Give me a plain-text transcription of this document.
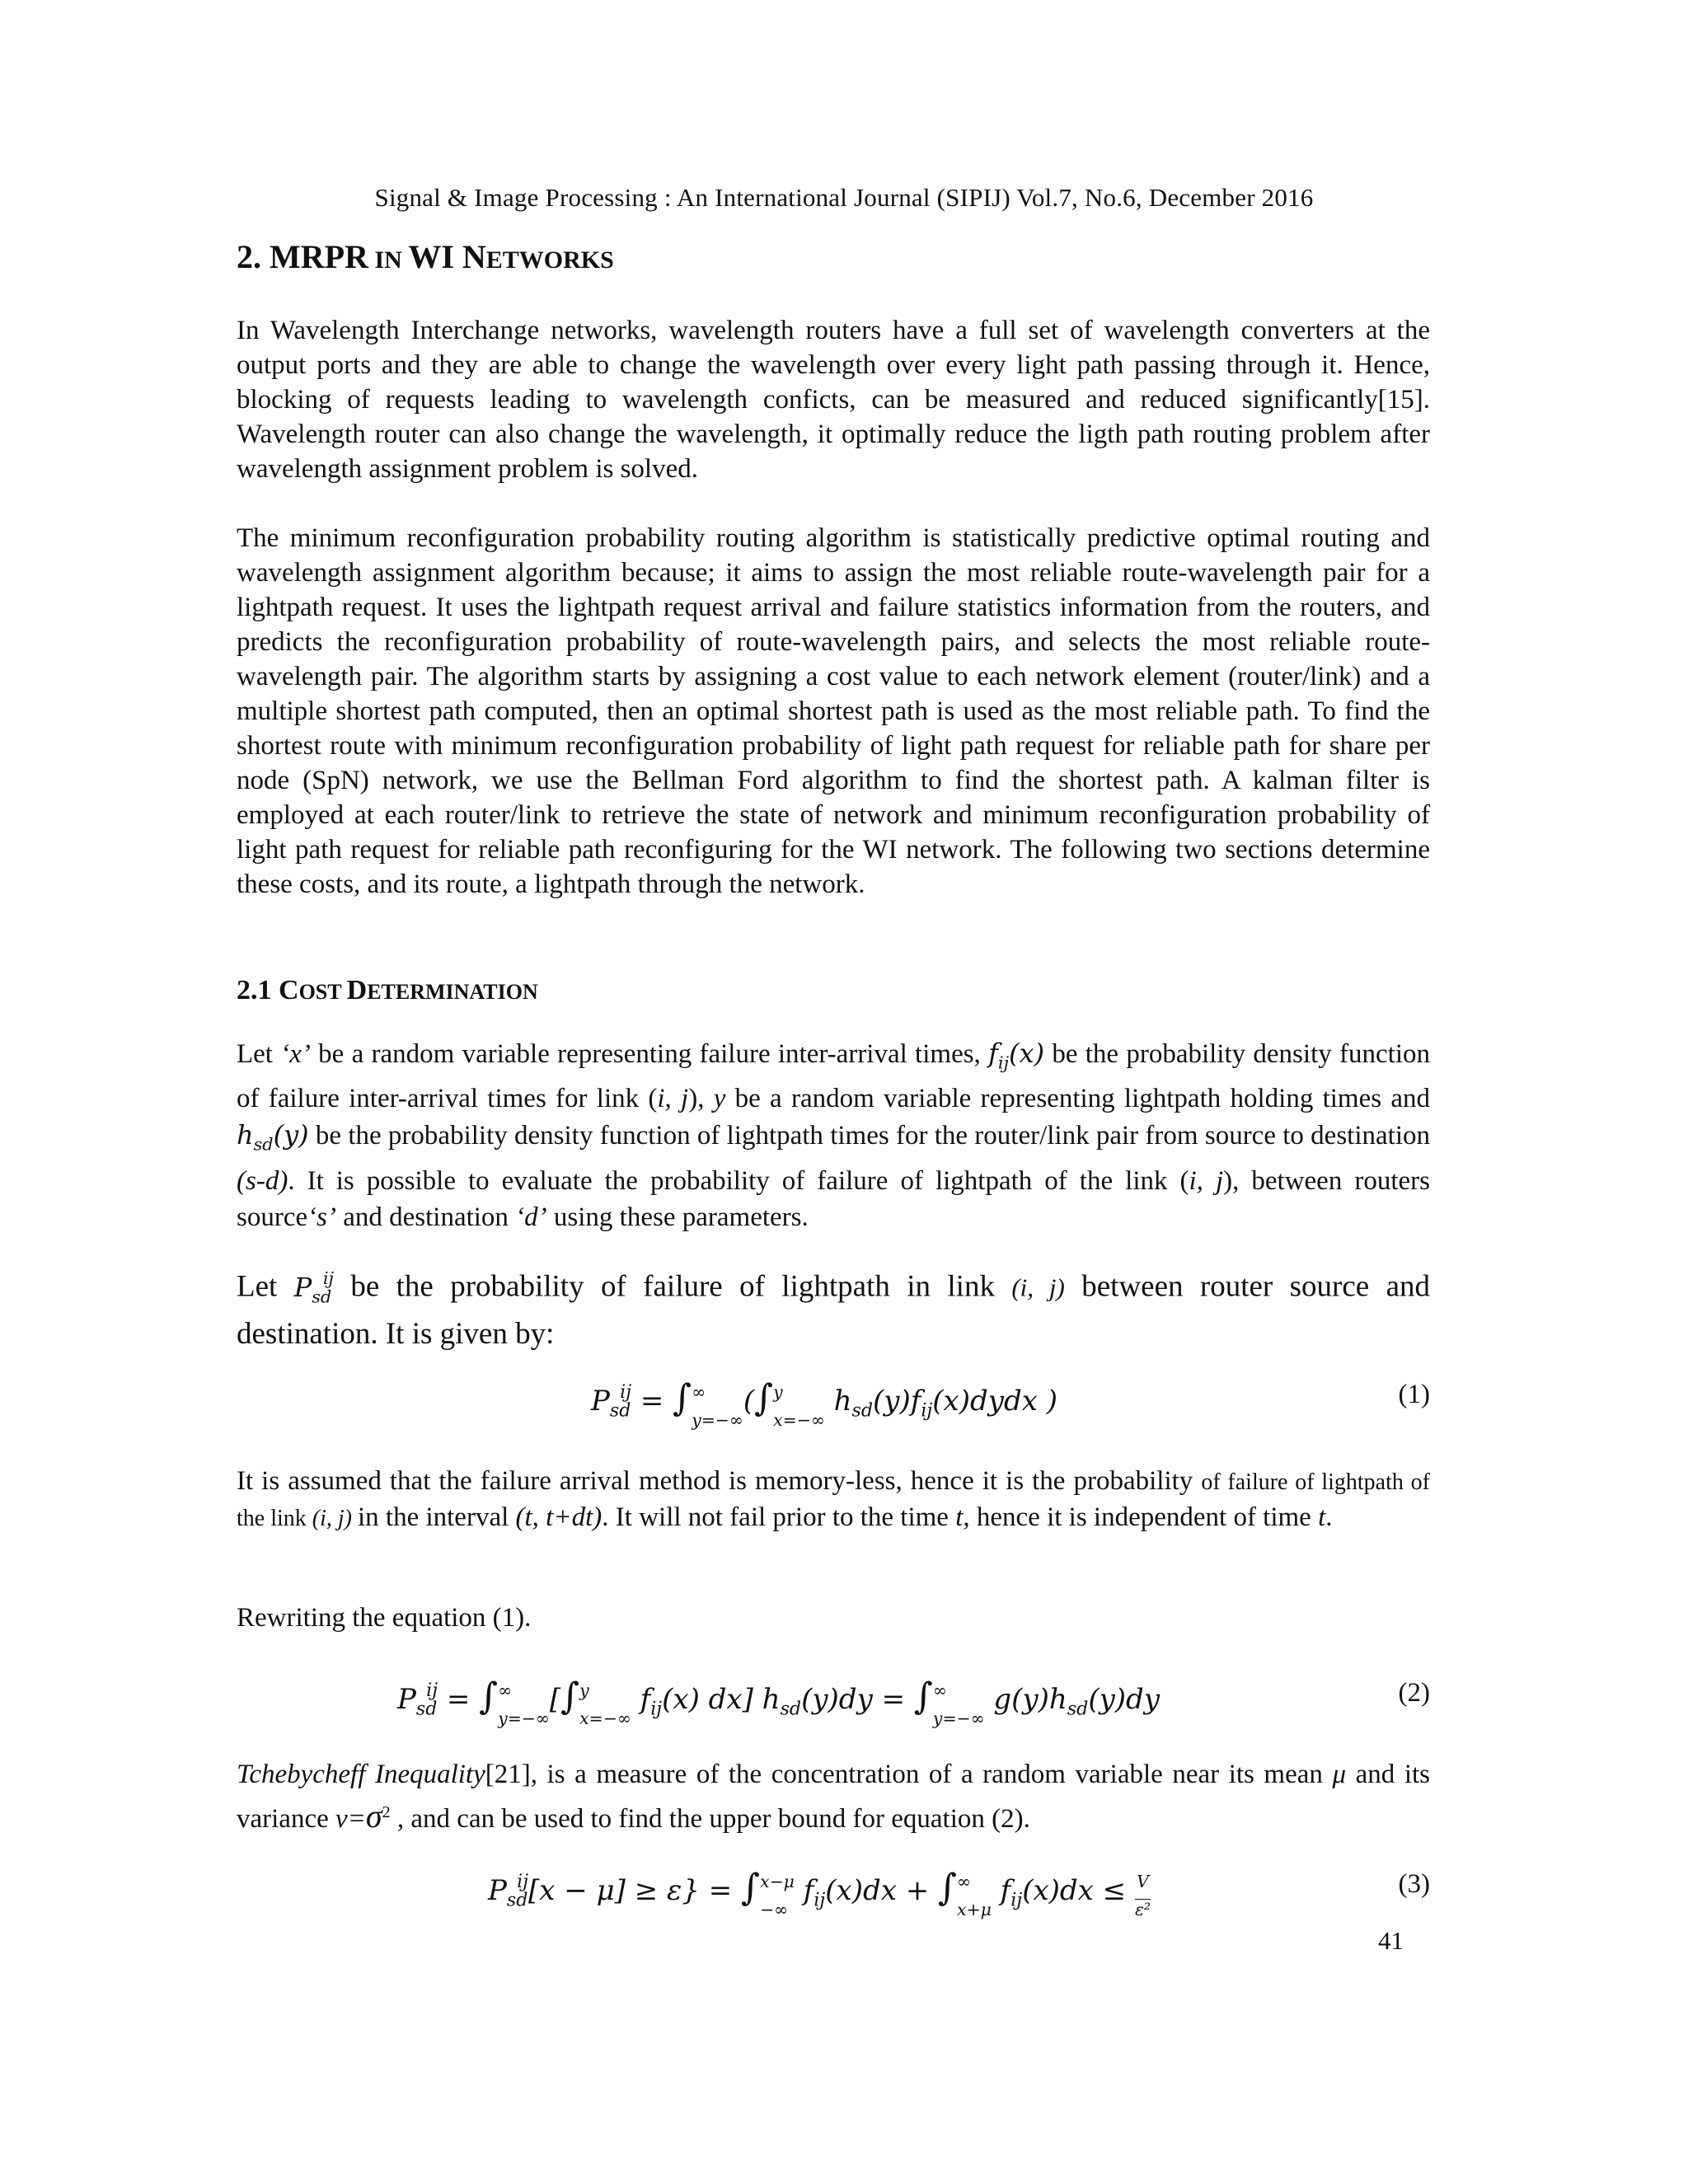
Signal & Image Processing : An International Journal (SIPIJ) Vol.7, No.6, December 2016
2. MRPR IN WI NETWORKS
In Wavelength Interchange networks, wavelength routers have a full set of wavelength converters at the output ports and they are able to change the wavelength over every light path passing through it. Hence, blocking of requests leading to wavelength conficts, can be measured and reduced significantly[15]. Wavelength router can also change the wavelength, it optimally reduce the ligth path routing problem after wavelength assignment problem is solved.
The minimum reconfiguration probability routing algorithm is statistically predictive optimal routing and wavelength assignment algorithm because; it aims to assign the most reliable route-wavelength pair for a lightpath request. It uses the lightpath request arrival and failure statistics information from the routers, and predicts the reconfiguration probability of route-wavelength pairs, and selects the most reliable route-wavelength pair. The algorithm starts by assigning a cost value to each network element (router/link) and a multiple shortest path computed, then an optimal shortest path is used as the most reliable path. To find the shortest route with minimum reconfiguration probability of light path request for reliable path for share per node (SpN) network, we use the Bellman Ford algorithm to find the shortest path. A kalman filter is employed at each router/link to retrieve the state of network and minimum reconfiguration probability of light path request for reliable path reconfiguring for the WI network. The following two sections determine these costs, and its route, a lightpath through the network.
2.1 COST DETERMINATION
Let ‘x’ be a random variable representing failure inter-arrival times, $f_{ij}(x)$ be the probability density function of failure inter-arrival times for link (i, j), y be a random variable representing lightpath holding times and $h_{sd}(y)$ be the probability density function of lightpath times for the router/link pair from source to destination (s-d). It is possible to evaluate the probability of failure of lightpath of the link (i, j), between routers source‘s’ and destination ‘d’ using these parameters.
Let $P_{sd}^{ij}$ be the probability of failure of lightpath in link (i, j) between router source and destination. It is given by:
$P_{sd}^{ij}$ = ∫∞
y=−∞(∫y
x=−∞ $h_{sd}(y)f_{ij}(x)dydx$ )	(1)
It is assumed that the failure arrival method is memory-less, hence it is the probability of failure of lightpath of the link (i, j) in the interval (t, t+dt). It will not fail prior to the time t, hence it is independent of time t.
Rewriting the equation (1).
$P_{sd}^{ij}$ = ∫∞
y=−∞[∫y
x=−∞ $f_{ij}(x)$ dx] $h_{sd}(y)dy$ = ∫∞
y=−∞ $g(y)h_{sd}(y)dy$	(2)
Tchebycheff Inequality[21], is a measure of the concentration of a random variable near its mean μ and its variance $v=\sigma^2$ , and can be used to find the upper bound for equation (2).
$P_{sd}^{ij}[x - \mu] \ge \varepsilon\} = \int x-\mu$
−∞ $f_{ij}(x)dx$ + ∫∞
x+μ $f_{ij}(x)dx \le \frac{V}{\text{ε²}}$	(3)
41
